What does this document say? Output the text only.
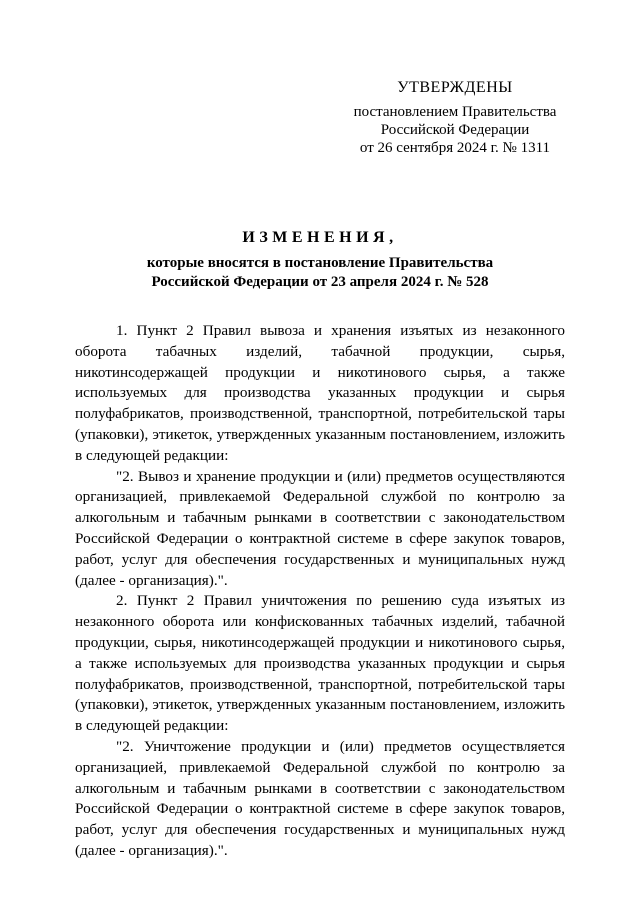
УТВЕРЖДЕНЫ
постановлением Правительства
Российской Федерации
от 26 сентября 2024 г. № 1311
ИЗМЕНЕНИЯ,
которые вносятся в постановление Правительства
Российской Федерации от 23 апреля 2024 г. № 528

1. Пункт 2 Правил вывоза и хранения изъятых из незаконного оборота табачных изделий, табачной продукции, сырья, никотинсодержащей продукции и никотинового сырья, а также используемых для производства указанных продукции и сырья полуфабрикатов, производственной, транспортной, потребительской тары (упаковки), этикеток, утвержденных указанным постановлением, изложить в следующей редакции:

"2. Вывоз и хранение продукции и (или) предметов осуществляются организацией, привлекаемой Федеральной службой по контролю за алкогольным и табачным рынками в соответствии с законодательством Российской Федерации о контрактной системе в сфере закупок товаров, работ, услуг для обеспечения государственных и муниципальных нужд (далее - организация).".

2. Пункт 2 Правил уничтожения по решению суда изъятых из незаконного оборота или конфискованных табачных изделий, табачной продукции, сырья, никотинсодержащей продукции и никотинового сырья, а также используемых для производства указанных продукции и сырья полуфабрикатов, производственной, транспортной, потребительской тары (упаковки), этикеток, утвержденных указанным постановлением, изложить в следующей редакции:

"2. Уничтожение продукции и (или) предметов осуществляется организацией, привлекаемой Федеральной службой по контролю за алкогольным и табачным рынками в соответствии с законодательством Российской Федерации о контрактной системе в сфере закупок товаров, работ, услуг для обеспечения государственных и муниципальных нужд (далее - организация).".
